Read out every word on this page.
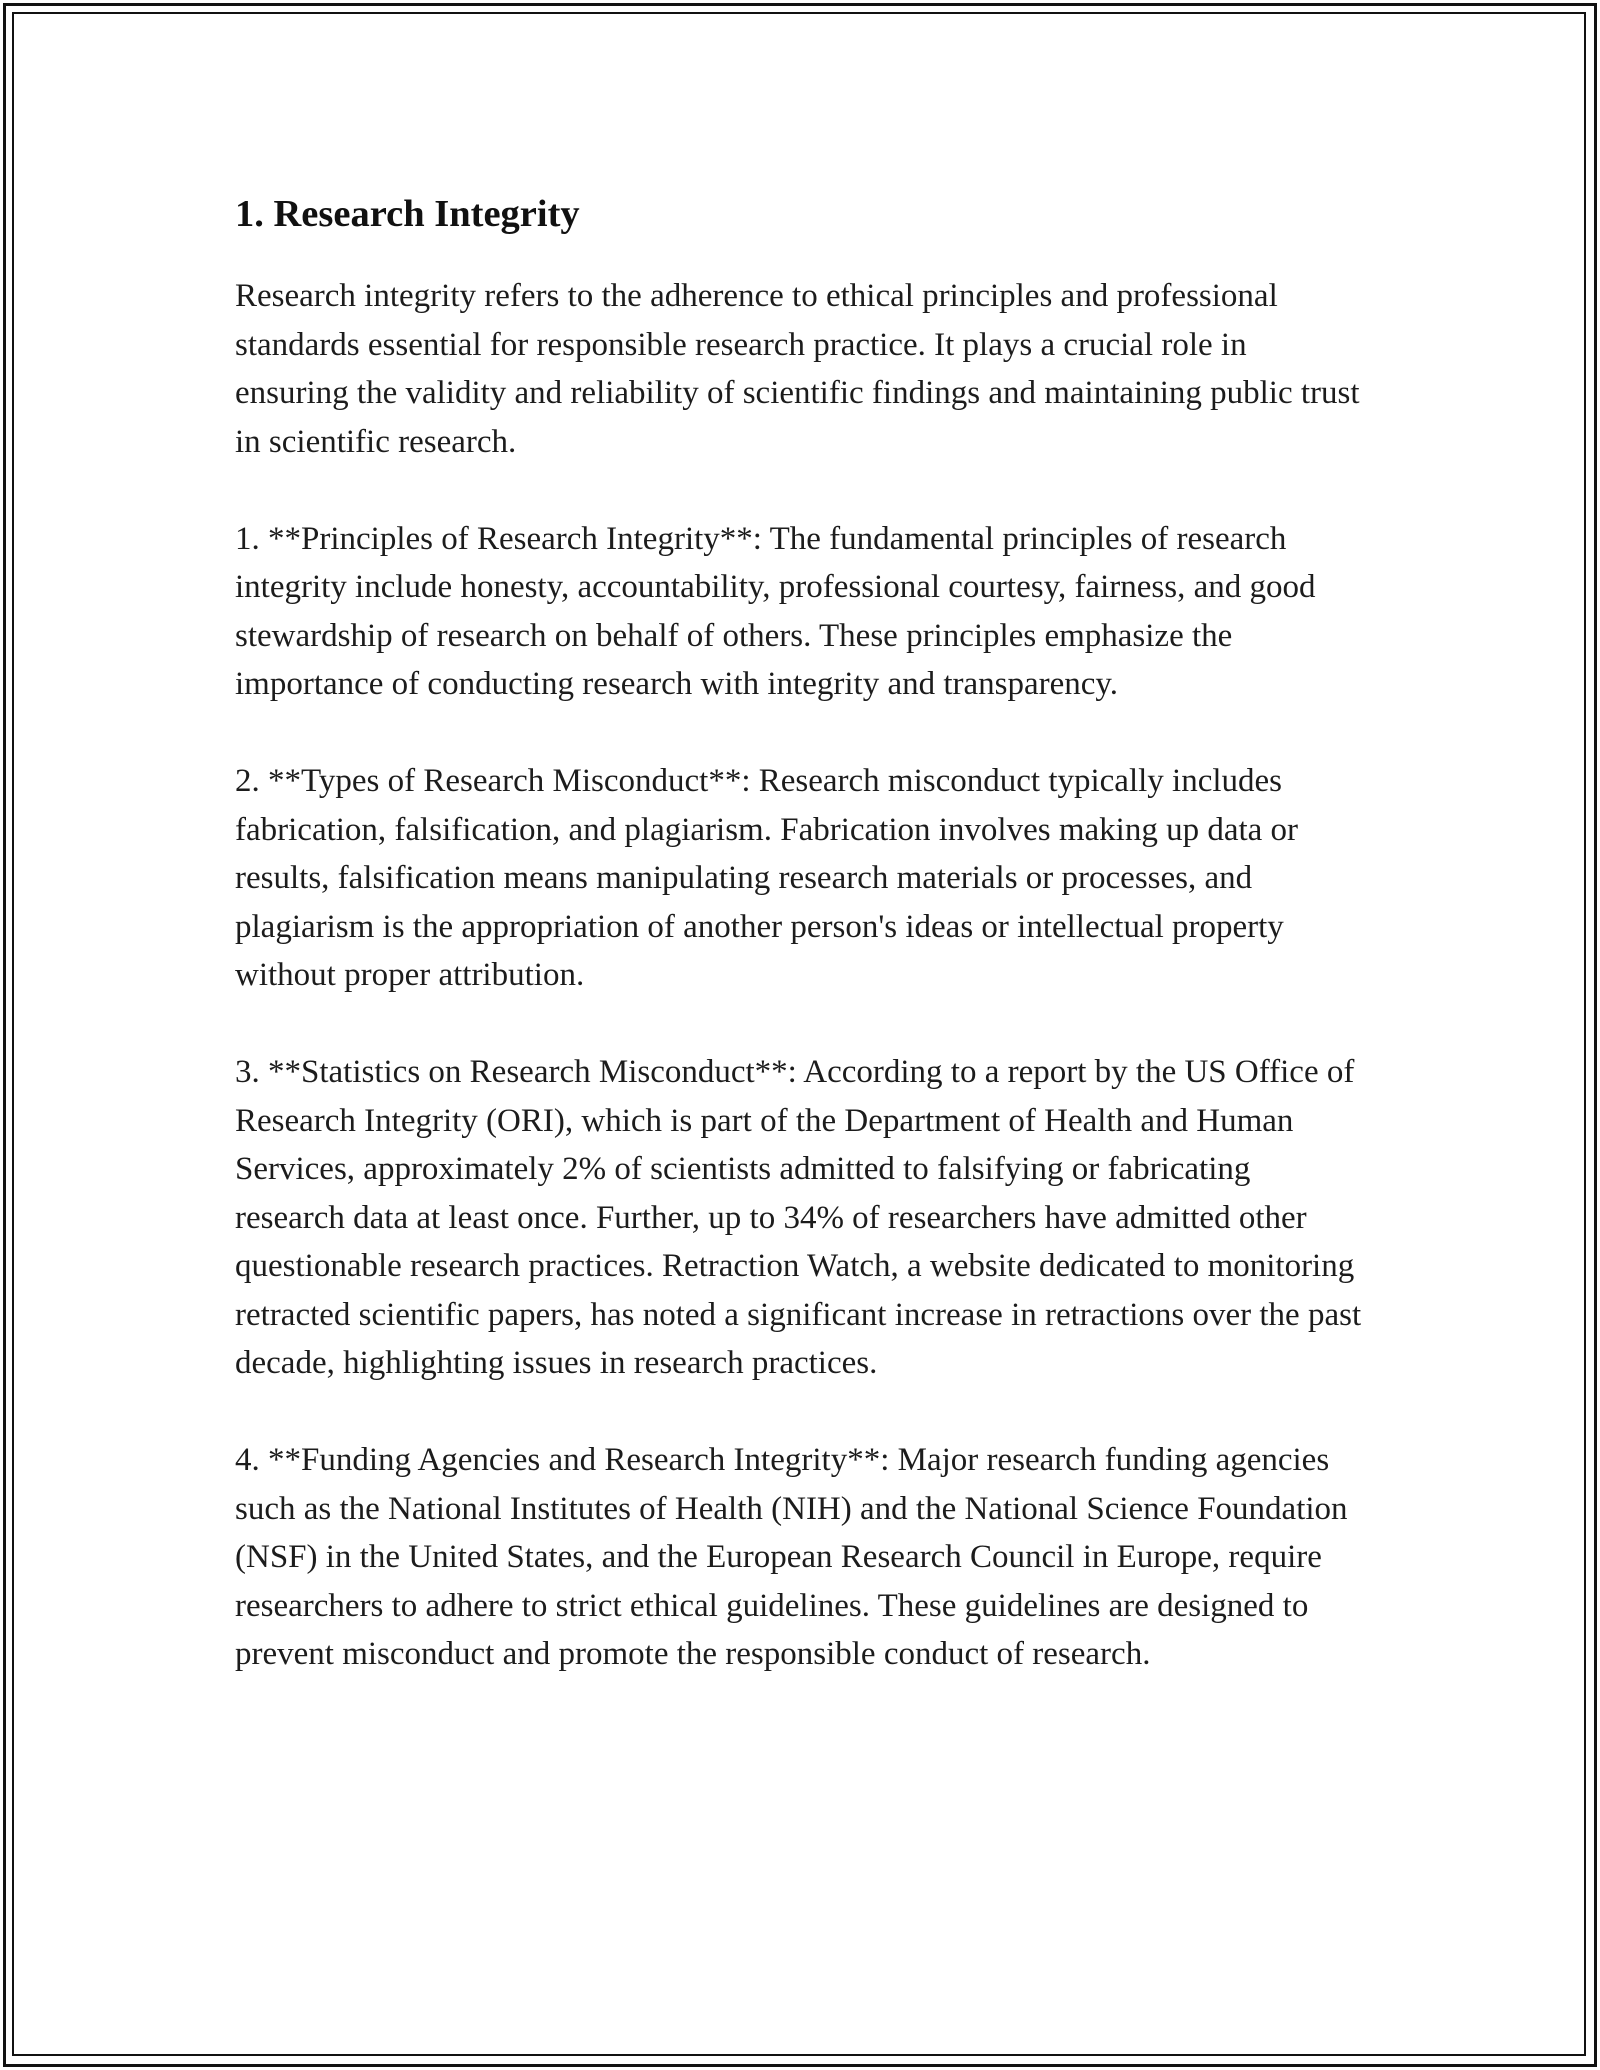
1. Research Integrity

Research integrity refers to the adherence to ethical principles and professional standards essential for responsible research practice. It plays a crucial role in ensuring the validity and reliability of scientific findings and maintaining public trust in scientific research.

1. **Principles of Research Integrity**: The fundamental principles of research integrity include honesty, accountability, professional courtesy, fairness, and good stewardship of research on behalf of others. These principles emphasize the importance of conducting research with integrity and transparency.

2. **Types of Research Misconduct**: Research misconduct typically includes fabrication, falsification, and plagiarism. Fabrication involves making up data or results, falsification means manipulating research materials or processes, and plagiarism is the appropriation of another person's ideas or intellectual property without proper attribution.

3. **Statistics on Research Misconduct**: According to a report by the US Office of Research Integrity (ORI), which is part of the Department of Health and Human Services, approximately 2% of scientists admitted to falsifying or fabricating research data at least once. Further, up to 34% of researchers have admitted other questionable research practices. Retraction Watch, a website dedicated to monitoring retracted scientific papers, has noted a significant increase in retractions over the past decade, highlighting issues in research practices.

4. **Funding Agencies and Research Integrity**: Major research funding agencies such as the National Institutes of Health (NIH) and the National Science Foundation (NSF) in the United States, and the European Research Council in Europe, require researchers to adhere to strict ethical guidelines. These guidelines are designed to prevent misconduct and promote the responsible conduct of research.
